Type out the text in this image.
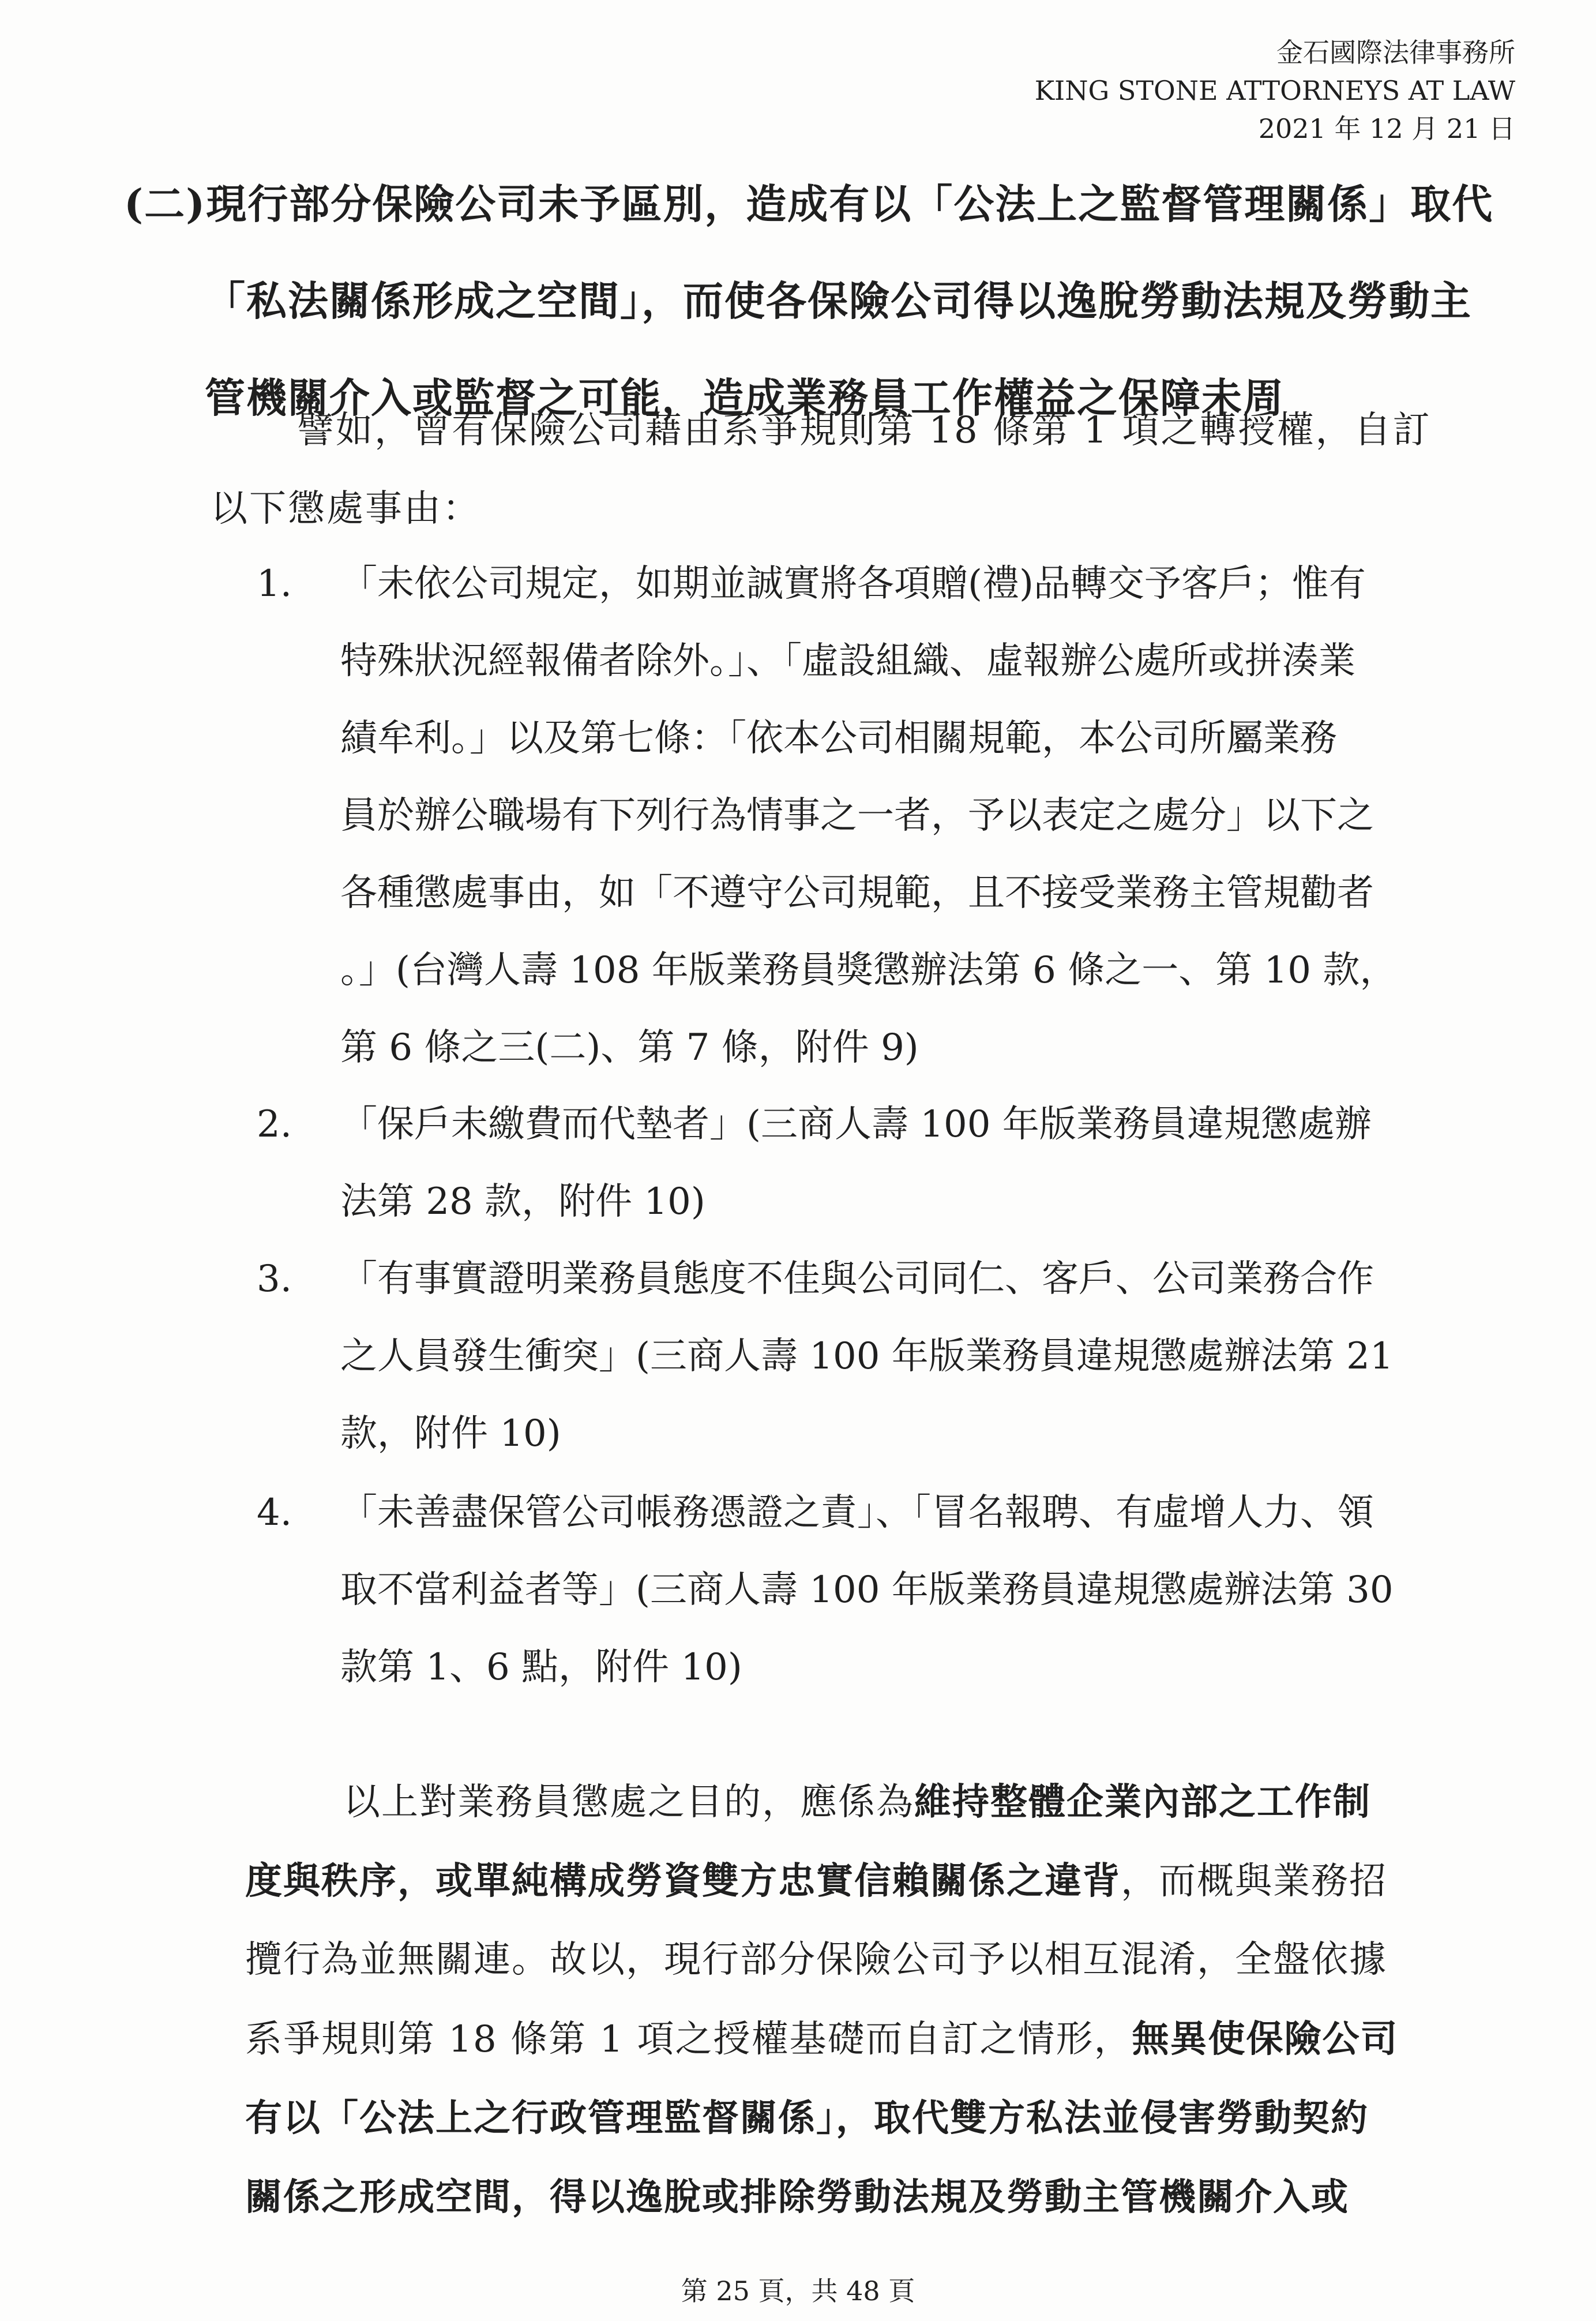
金石國際法律事務所
KING STONE ATTORNEYS AT LAW
2021 年 12 月 21 日
(二)現行部分保險公司未予區別，造成有以「公法上之監督管理關係」取代
「私法關係形成之空間」，而使各保險公司得以逸脫勞動法規及勞動主
管機關介入或監督之可能，造成業務員工作權益之保障未周
譬如，曾有保險公司藉由系爭規則第 18 條第 1 項之轉授權，自訂
以下懲處事由：
1. 「未依公司規定，如期並誠實將各項贈(禮)品轉交予客戶；惟有
特殊狀況經報備者除外。」、「虛設組織、虛報辦公處所或拼湊業
績牟利。」以及第七條：「依本公司相關規範，本公司所屬業務
員於辦公職場有下列行為情事之一者，予以表定之處分」以下之
各種懲處事由，如「不遵守公司規範，且不接受業務主管規勸者
。」(台灣人壽 108 年版業務員獎懲辦法第 6 條之一、第 10 款，
第 6 條之三(二)、第 7 條，附件 9)
2. 「保戶未繳費而代墊者」(三商人壽 100 年版業務員違規懲處辦
法第 28 款，附件 10)
3. 「有事實證明業務員態度不佳與公司同仁、客戶、公司業務合作
之人員發生衝突」(三商人壽 100 年版業務員違規懲處辦法第 21
款，附件 10)
4. 「未善盡保管公司帳務憑證之責」、「冒名報聘、有虛增人力、領
取不當利益者等」(三商人壽 100 年版業務員違規懲處辦法第 30
款第 1、6 點，附件 10)
以上對業務員懲處之目的，應係為維持整體企業內部之工作制
度與秩序，或單純構成勞資雙方忠實信賴關係之違背，而概與業務招
攬行為並無關連。故以，現行部分保險公司予以相互混淆，全盤依據
系爭規則第 18 條第 1 項之授權基礎而自訂之情形，無異使保險公司
有以「公法上之行政管理監督關係」，取代雙方私法並侵害勞動契約
關係之形成空間，得以逸脫或排除勞動法規及勞動主管機關介入或
第 25 頁，共 48 頁
